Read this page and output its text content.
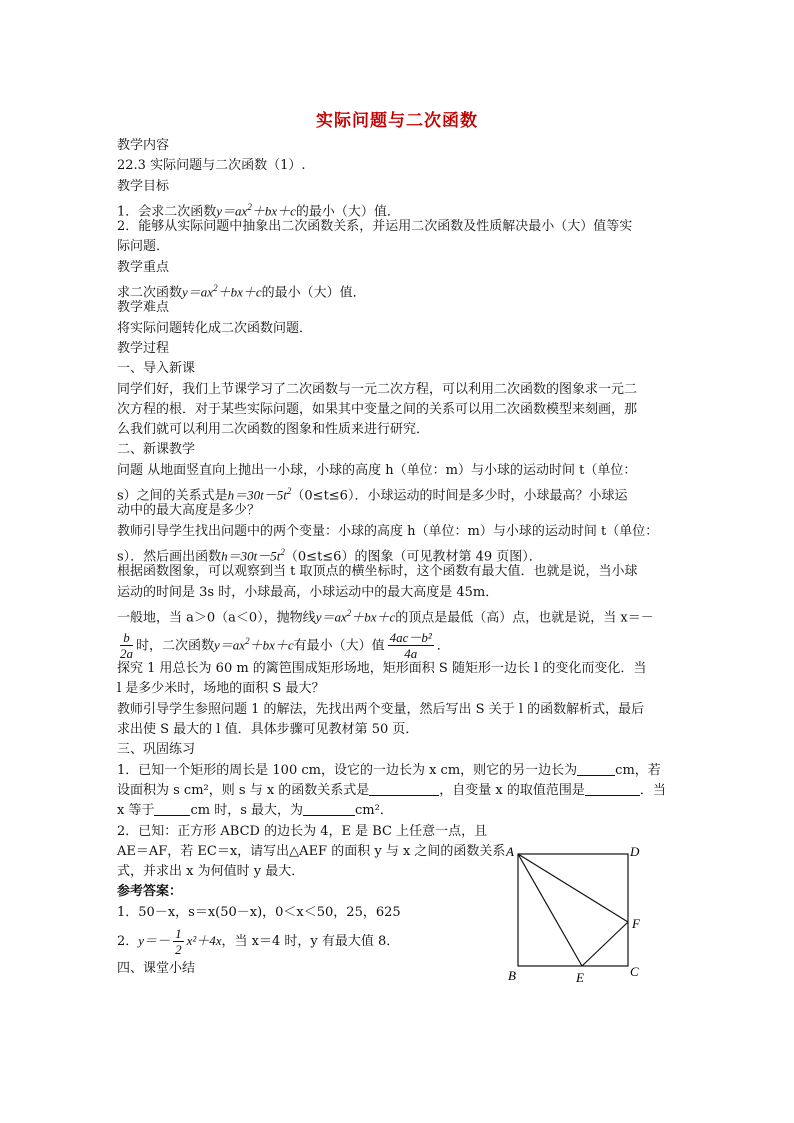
实际问题与二次函数
教学内容
22.3 实际问题与二次函数（1）.
教学目标
1．会求二次函数$y=ax^2+bx+c$的最小（大）值．
2．能够从实际问题中抽象出二次函数关系，并运用二次函数及性质解决最小（大）值等实
际问题．
教学重点
求二次函数$y=ax^2+bx+c$的最小（大）值．
教学难点
将实际问题转化成二次函数问题．
教学过程
一、导入新课
同学们好，我们上节课学习了二次函数与一元二次方程，可以利用二次函数的图象求一元二
次方程的根．对于某些实际问题，如果其中变量之间的关系可以用二次函数模型来刻画，那
么我们就可以利用二次函数的图象和性质来进行研究．
二、新课教学
问题 从地面竖直向上抛出一小球，小球的高度 h（单位：m）与小球的运动时间 t（单位：
s）之间的关系式是$h=30t-5t^2(0\le t\le 6)$．小球运动的时间是多少时，小球最高？小球运
动中的最大高度是多少？
教师引导学生找出问题中的两个变量：小球的高度 h（单位：m）与小球的运动时间 t（单位：
s）．然后画出函数$h=30t-5t^2(0\le t\le 6)$的图象（可见教材第 49 页图）．
根据函数图象，可以观察到当 t 取顶点的横坐标时，这个函数有最大值．也就是说，当小球
运动的时间是 3s 时，小球最高，小球运动中的最大高度是 45m．
一般地，当 a＞0（a＜0），抛物线$y=ax^2+bx+c$的顶点是最低（高）点，也就是说，当 x＝－
$\frac{b}{2a}$ 时，二次函数$y=ax^2+bx+c$有最小（大）值 $\frac{\text{4ac－b²}}{4a}$ ．
探究 1 用总长为 60 m 的篱笆围成矩形场地，矩形面积 S 随矩形一边长 l 的变化而变化．当
l 是多少米时，场地的面积 S 最大？
教师引导学生参照问题 1 的解法，先找出两个变量，然后写出 S 关于 l 的函数解析式，最后
求出使 S 最大的 l 值．具体步骤可见教材第 50 页．
三、巩固练习
1．已知一个矩形的周长是 100 cm，设它的一边长为 x cm，则它的另一边长为	cm，若
设面积为 s cm²，则 s 与 x 的函数关系式是	，自变量 x 的取值范围是	．当
x 等于	cm 时，s 最大，为	cm²．
2．已知：正方形 ABCD 的边长为 4，E 是 BC 上任意一点，且
AE＝AF，若 EC＝x，请写出△AEF 的面积 y 与 x 之间的函数关系
式，并求出 x 为何值时 y 最大．
参考答案：
1．50－x，s＝x(50－x)，0＜x＜50，25，625
2．$y=- \frac{1}{2} x^2+4x$，当 x＝4 时，y 有最大值 8．
四、课堂小结
A	D
F
B	E	C
